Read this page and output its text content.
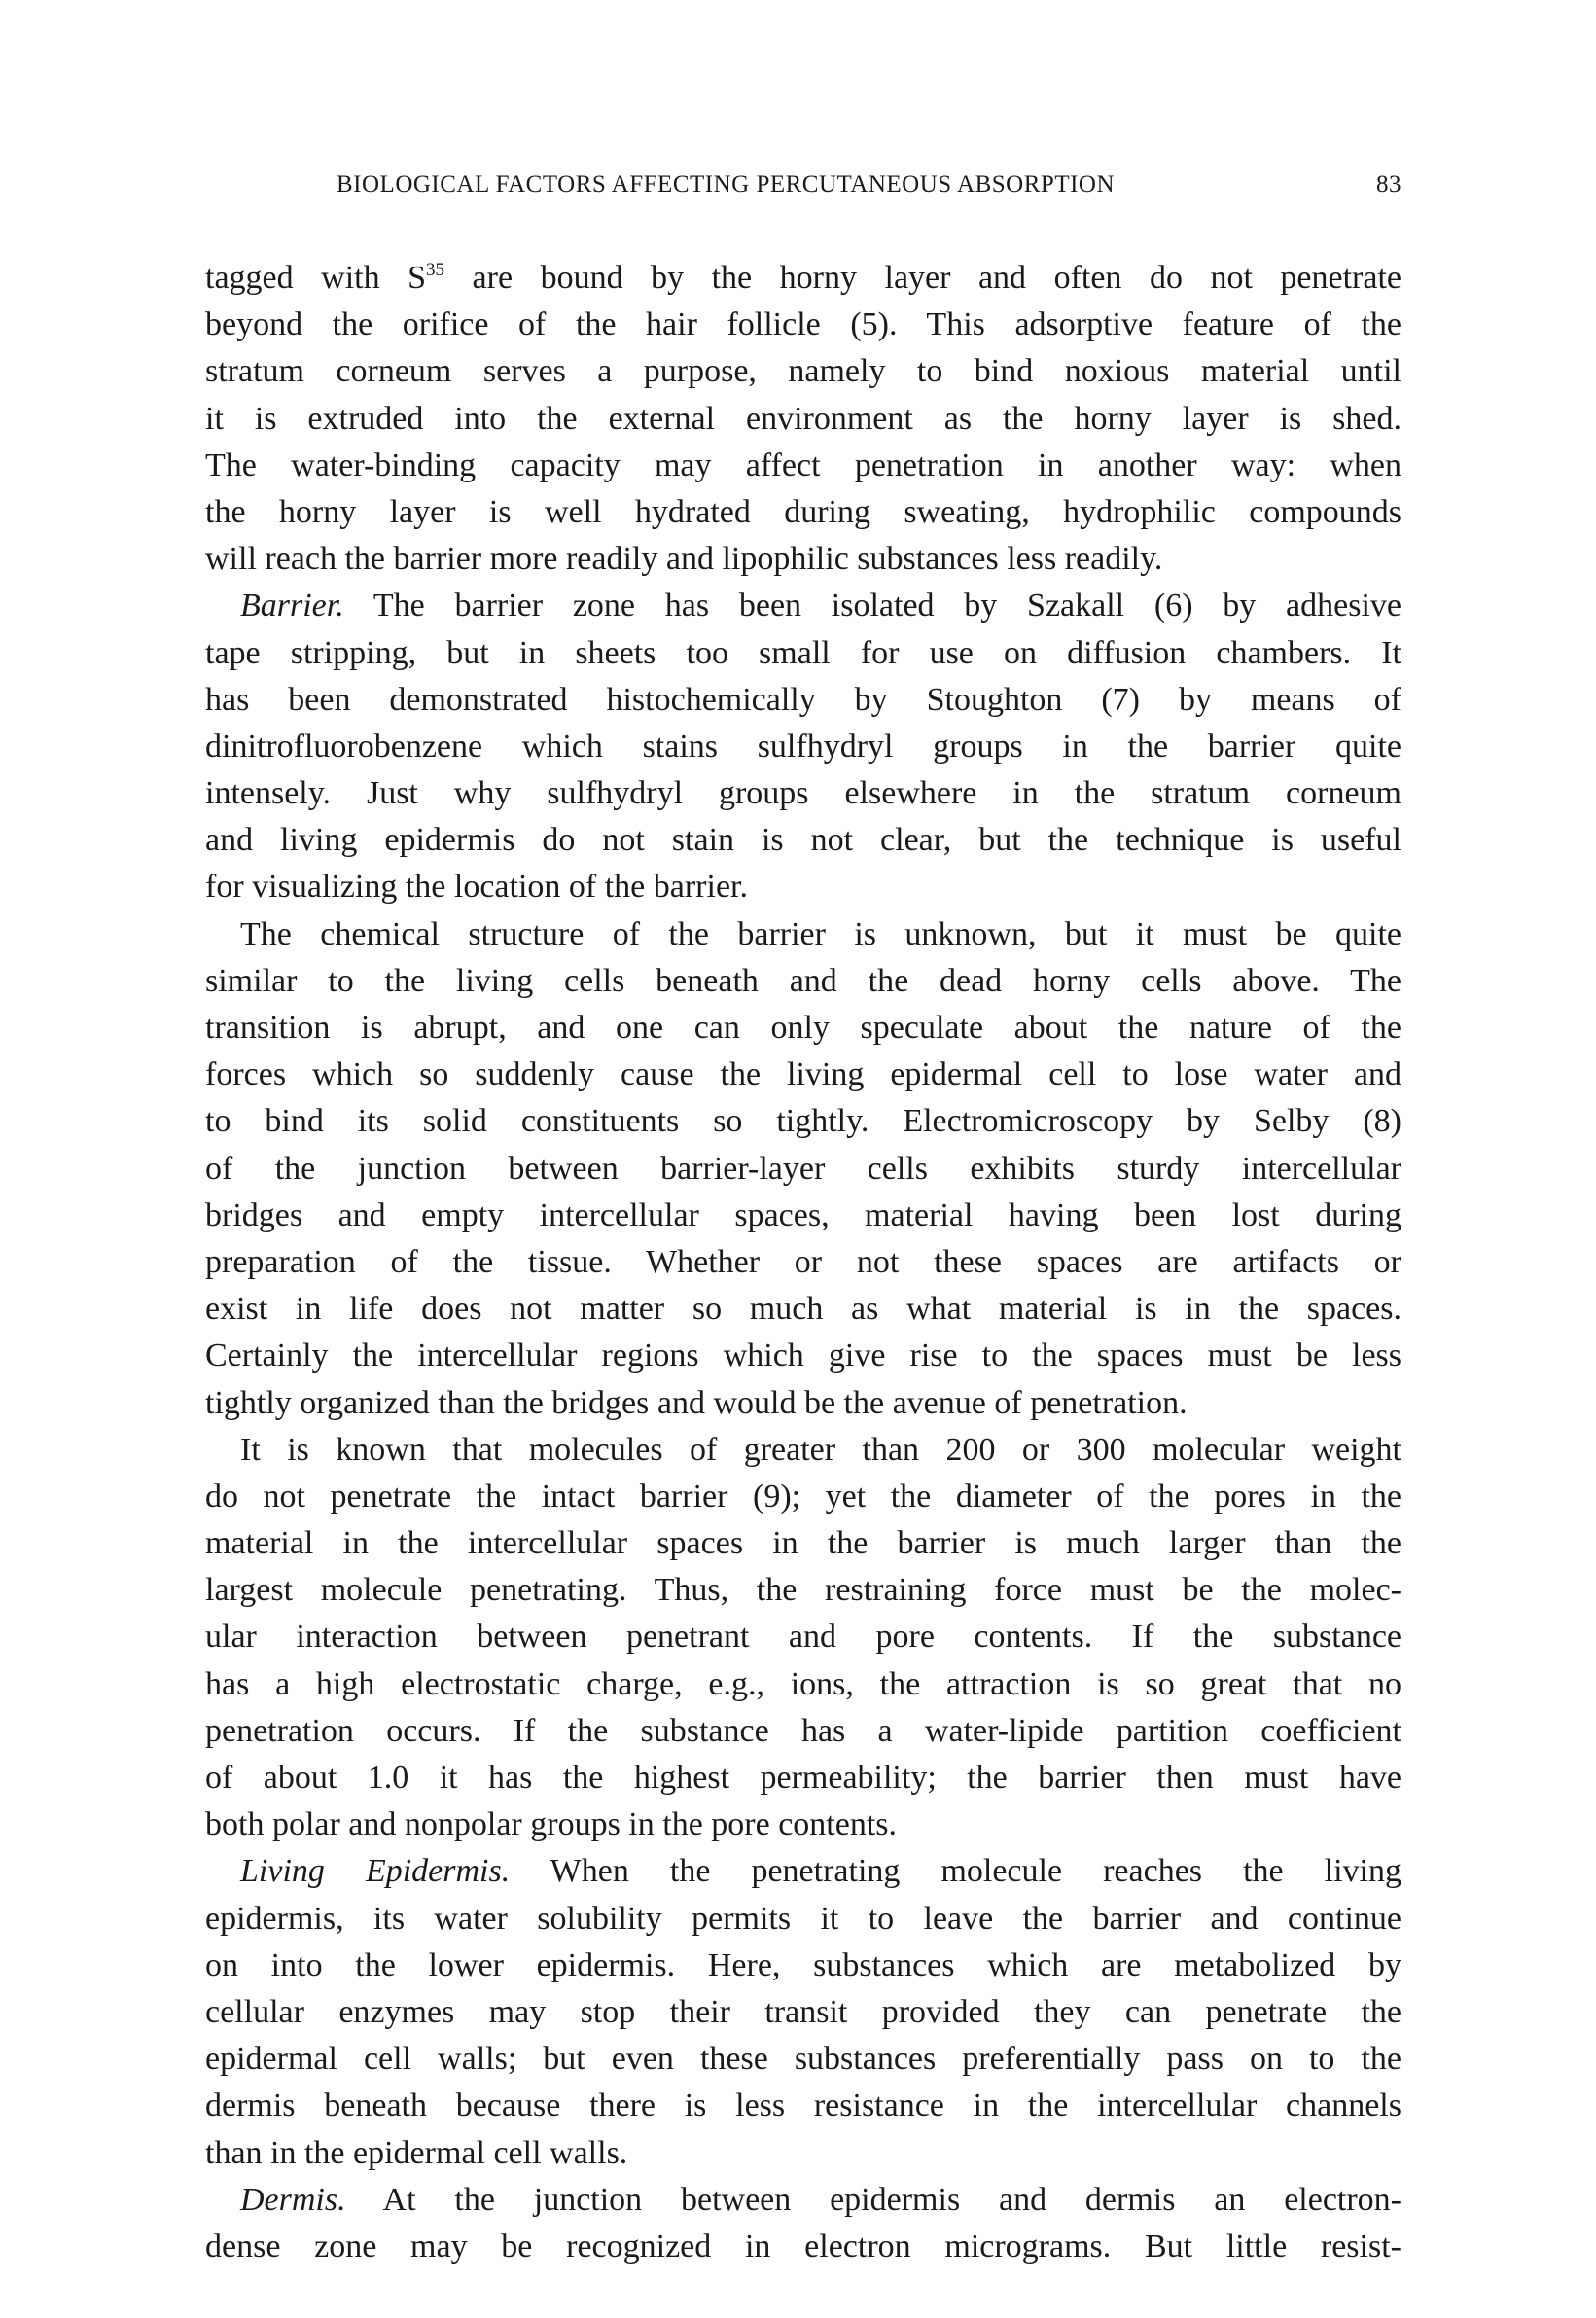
BIOLOGICAL FACTORS AFFECTING PERCUTANEOUS ABSORPTION	83
tagged with $S^{35}$ are bound by the horny layer and often do not penetrate
beyond the orifice of the hair follicle (5). This adsorptive feature of the
stratum corneum serves a purpose, namely to bind noxious material until
it is extruded into the external environment as the horny layer is shed.
The water-binding capacity may affect penetration in another way: when
the horny layer is well hydrated during sweating, hydrophilic compounds
will reach the barrier more readily and lipophilic substances less readily.
Barrier. The barrier zone has been isolated by Szakall (6) by adhesive
tape stripping, but in sheets too small for use on diffusion chambers. It
has been demonstrated histochemically by Stoughton (7) by means of
dinitrofluorobenzene which stains sulfhydryl groups in the barrier quite
intensely. Just why sulfhydryl groups elsewhere in the stratum corneum
and living epidermis do not stain is not clear, but the technique is useful
for visualizing the location of the barrier.
The chemical structure of the barrier is unknown, but it must be quite
similar to the living cells beneath and the dead horny cells above. The
transition is abrupt, and one can only speculate about the nature of the
forces which so suddenly cause the living epidermal cell to lose water and
to bind its solid constituents so tightly. Electromicroscopy by Selby (8)
of the junction between barrier-layer cells exhibits sturdy intercellular
bridges and empty intercellular spaces, material having been lost during
preparation of the tissue. Whether or not these spaces are artifacts or
exist in life does not matter so much as what material is in the spaces.
Certainly the intercellular regions which give rise to the spaces must be less
tightly organized than the bridges and would be the avenue of penetration.
It is known that molecules of greater than 200 or 300 molecular weight
do not penetrate the intact barrier (9); yet the diameter of the pores in the
material in the intercellular spaces in the barrier is much larger than the
largest molecule penetrating. Thus, the restraining force must be the molec-
ular interaction between penetrant and pore contents. If the substance
has a high electrostatic charge, e.g., ions, the attraction is so great that no
penetration occurs. If the substance has a water-lipide partition coefficient
of about 1.0 it has the highest permeability; the barrier then must have
both polar and nonpolar groups in the pore contents.
Living Epidermis. When the penetrating molecule reaches the living
epidermis, its water solubility permits it to leave the barrier and continue
on into the lower epidermis. Here, substances which are metabolized by
cellular enzymes may stop their transit provided they can penetrate the
epidermal cell walls; but even these substances preferentially pass on to the
dermis beneath because there is less resistance in the intercellular channels
than in the epidermal cell walls.
Dermis. At the junction between epidermis and dermis an electron-
dense zone may be recognized in electron micrograms. But little resist-
